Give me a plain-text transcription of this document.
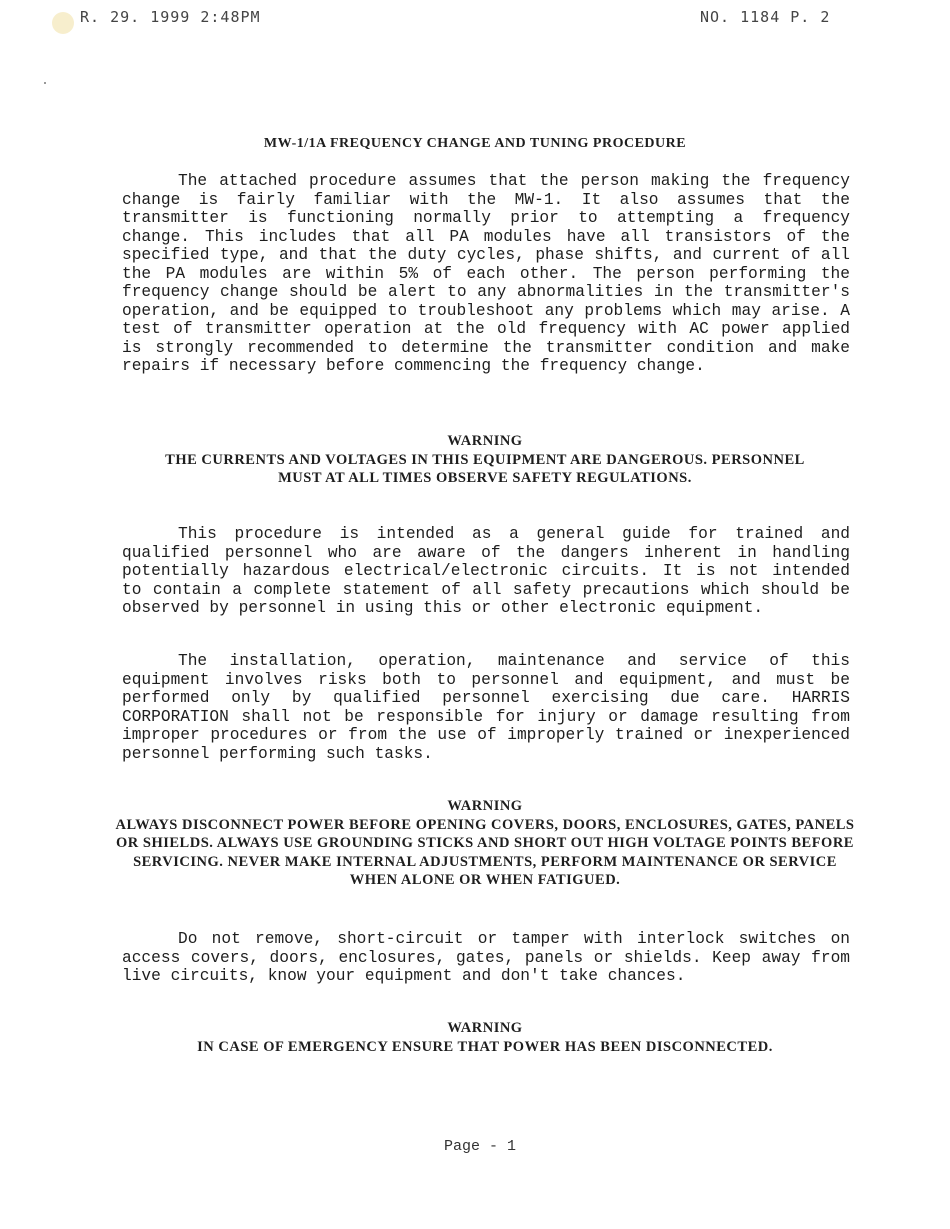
R. 29. 1999 2:48PM	NO. 1184 P. 2
MW-1/1A FREQUENCY CHANGE AND TUNING PROCEDURE

The attached procedure assumes that the person making the frequency change is fairly familiar with the MW-1. It also assumes that the transmitter is functioning normally prior to attempting a frequency change. This includes that all PA modules have all transistors of the specified type, and that the duty cycles, phase shifts, and current of all the PA modules are within 5% of each other. The person performing the frequency change should be alert to any abnormalities in the transmitter's operation, and be equipped to troubleshoot any problems which may arise. A test of transmitter operation at the old frequency with AC power applied is strongly recommended to determine the transmitter condition and make repairs if necessary before commencing the frequency change.

WARNING
THE CURRENTS AND VOLTAGES IN THIS EQUIPMENT ARE DANGEROUS. PERSONNEL MUST AT ALL TIMES OBSERVE SAFETY REGULATIONS.

This procedure is intended as a general guide for trained and qualified personnel who are aware of the dangers inherent in handling potentially hazardous electrical/electronic circuits. It is not intended to contain a complete statement of all safety precautions which should be observed by personnel in using this or other electronic equipment.

The installation, operation, maintenance and service of this equipment involves risks both to personnel and equipment, and must be performed only by qualified personnel exercising due care. HARRIS CORPORATION shall not be responsible for injury or damage resulting from improper procedures or from the use of improperly trained or inexperienced personnel performing such tasks.

WARNING
ALWAYS DISCONNECT POWER BEFORE OPENING COVERS, DOORS, ENCLOSURES, GATES, PANELS OR SHIELDS. ALWAYS USE GROUNDING STICKS AND SHORT OUT HIGH VOLTAGE POINTS BEFORE SERVICING. NEVER MAKE INTERNAL ADJUSTMENTS, PERFORM MAINTENANCE OR SERVICE WHEN ALONE OR WHEN FATIGUED.

Do not remove, short-circuit or tamper with interlock switches on access covers, doors, enclosures, gates, panels or shields. Keep away from live circuits, know your equipment and don't take chances.

WARNING
IN CASE OF EMERGENCY ENSURE THAT POWER HAS BEEN DISCONNECTED.
Page - 1
